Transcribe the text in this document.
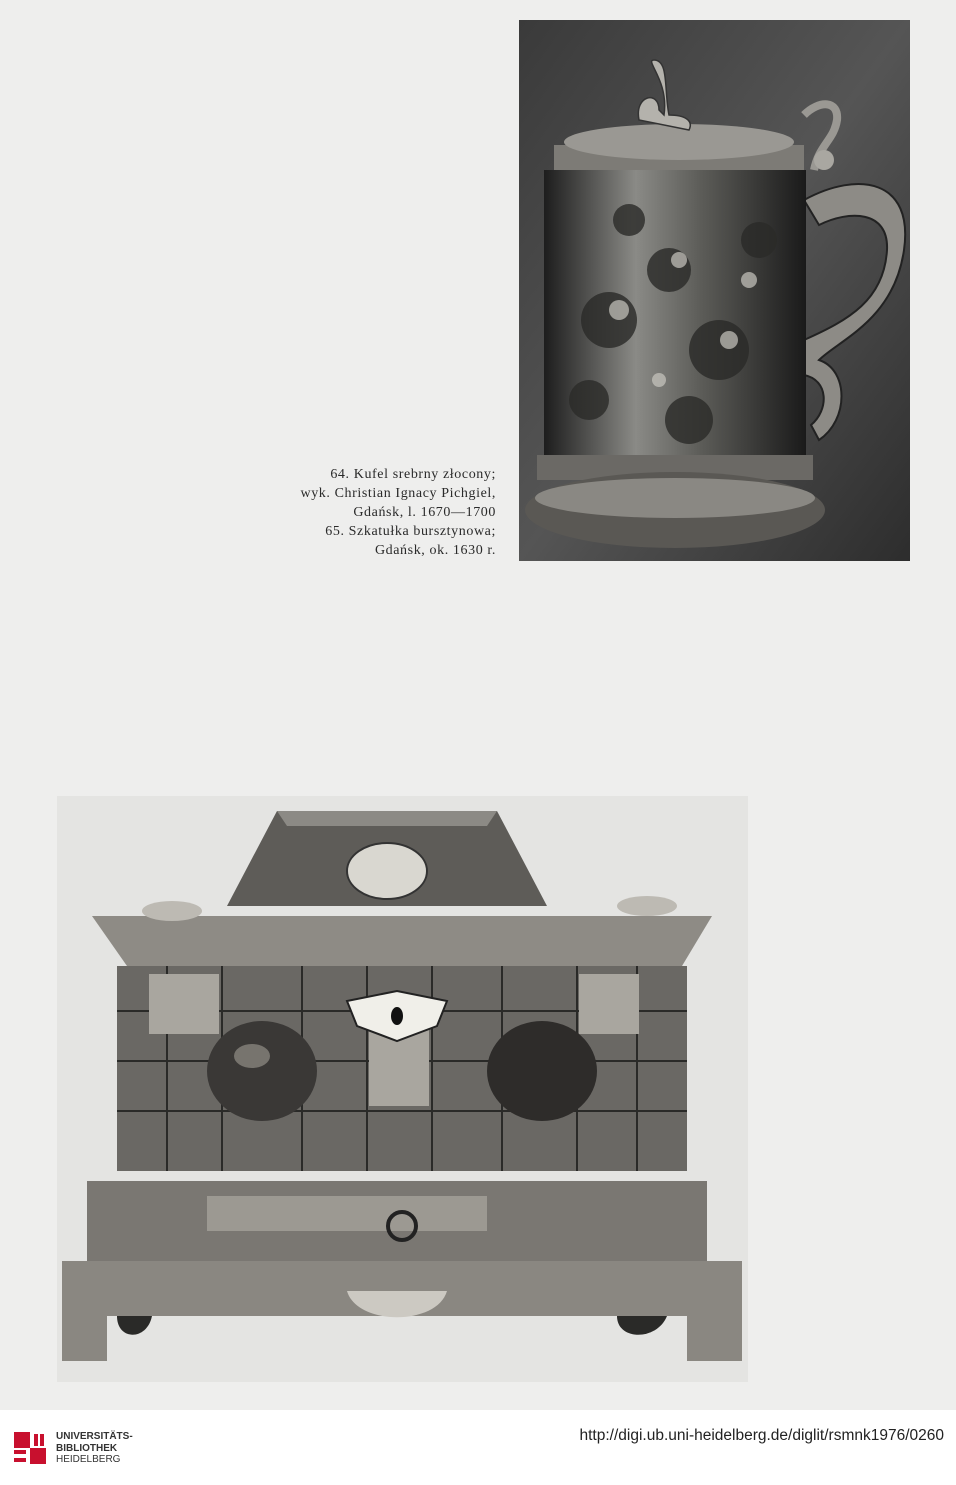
64. Kufel srebrny złocony;
wyk. Christian Ignacy Pichgiel,
Gdańsk, l. 1670—1700
65. Szkatułka bursztynowa;
Gdańsk, ok. 1630 r.
UNIVERSITÄTS-
BIBLIOTHEK
HEIDELBERG
http://digi.ub.uni-heidelberg.de/diglit/rsmnk1976/0260
